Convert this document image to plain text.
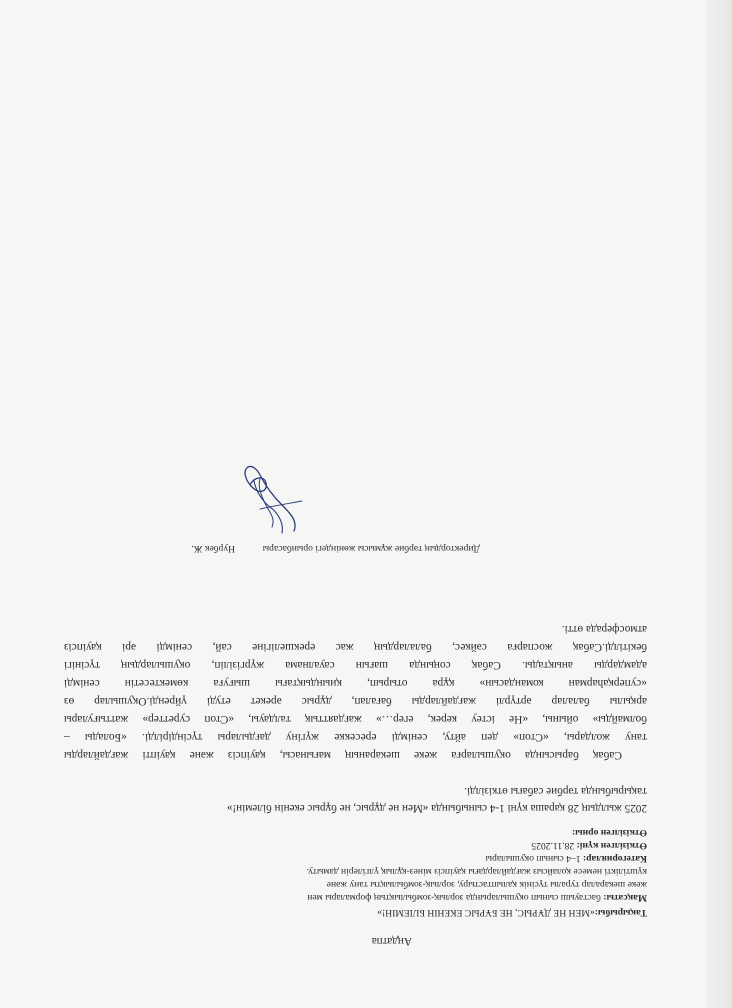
Аңдатпа
Тақырыбы:«МЕН НЕ ДҰРЫС, НЕ БҰРЫС ЕКЕНІН БІЛЕМІН!»
Мақсаты: бастауыш сынып оқушыларында зорлық-зомбылықтың формалары мен
жеке шекаралар туралы түсінік қалыптастыру, зорлық-зомбылықты тану және
күштілікті немесе қолайсыз жағдайлардағы қауіпсіз мінез-құлық үлгілерін дамыту.
Категориялар: 1–4 сынып оқушылары
Өткізілген күні: 28.11.2025
Өткізілген орны:
2025 жылдың 28 қараша күні 1-4 сыныбында «Мен не дұрыс, не бұрыс екенін білемін!»
тақырыбында тәрбие сабағы өткізілді.
Сабақ барысында оқушыларға жеке шекараның мағынасы, қауіпсіз және қауіпті жағдайларды
тану жолдары, «Стоп» деп айту, сенімді ересекке жүгіну дағдылары түсіндірілді. «Болады –
болмайды» ойыны, «Не істеу керек, егер…» жағдаяттық талдауы, «Стоп суреттер» жаттығулары
арқылы балалар әртүрлі жағдайларды бағалап, дұрыс әрекет етуді үйренді.Оқушылар өз
«суперқаһарман командасын» құра отырып, қиындықтағы шығуға көмектесетін сенімді
адамдарды анықтады. Сабақ соңында шағын сауалнама жүргізіліп, оқушылардың түсінігі
бекітілді.Сабақ жоспарға сәйкес, балалардың жас ерекшелігіне сай, сенімді әрі қауіпсіз
атмосферада өтті.
Директордың тәрбие жұмысы жөніндегі орынбасары
Нурбек Ж.
